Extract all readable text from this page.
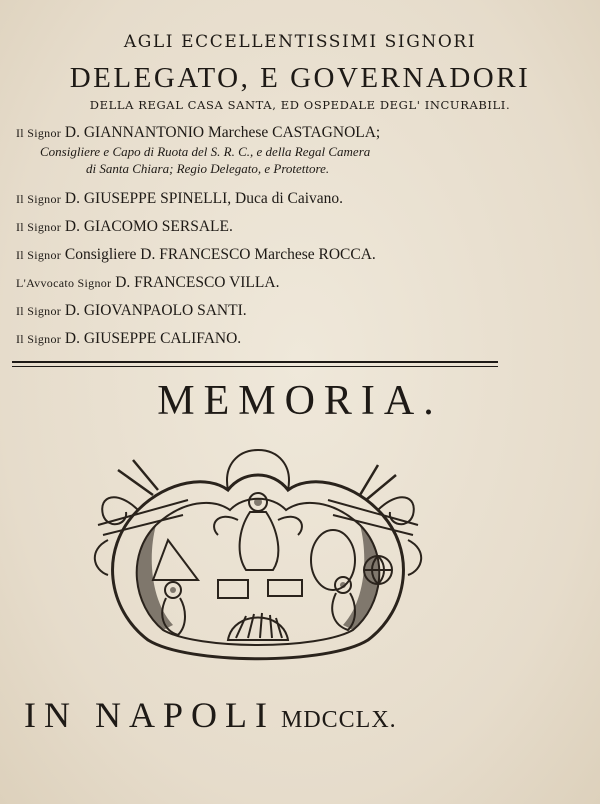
AGLI ECCELLENTISSIMI SIGNORI
DELEGATO, E GOVERNADORI
DELLA REGAL CASA SANTA, ED OSPEDALE DEGL' INCURABILI.
Il Signor D. GIANNANTONIO Marchese CASTAGNOLA;
Consigliere e Capo di Ruota del S. R. C., e della Regal Camera
di Santa Chiara; Regio Delegato, e Protettore.
Il Signor D. GIUSEPPE SPINELLI, Duca di Caivano.
Il Signor D. GIACOMO SERSALE.
Il Signor Consigliere D. FRANCESCO Marchese ROCCA.
L'Avvocato Signor D. FRANCESCO VILLA.
Il Signor D. GIOVANPAOLO SANTI.
Il Signor D. GIUSEPPE CALIFANO.
MEMORIA.
IN NAPOLI MDCCLX.
